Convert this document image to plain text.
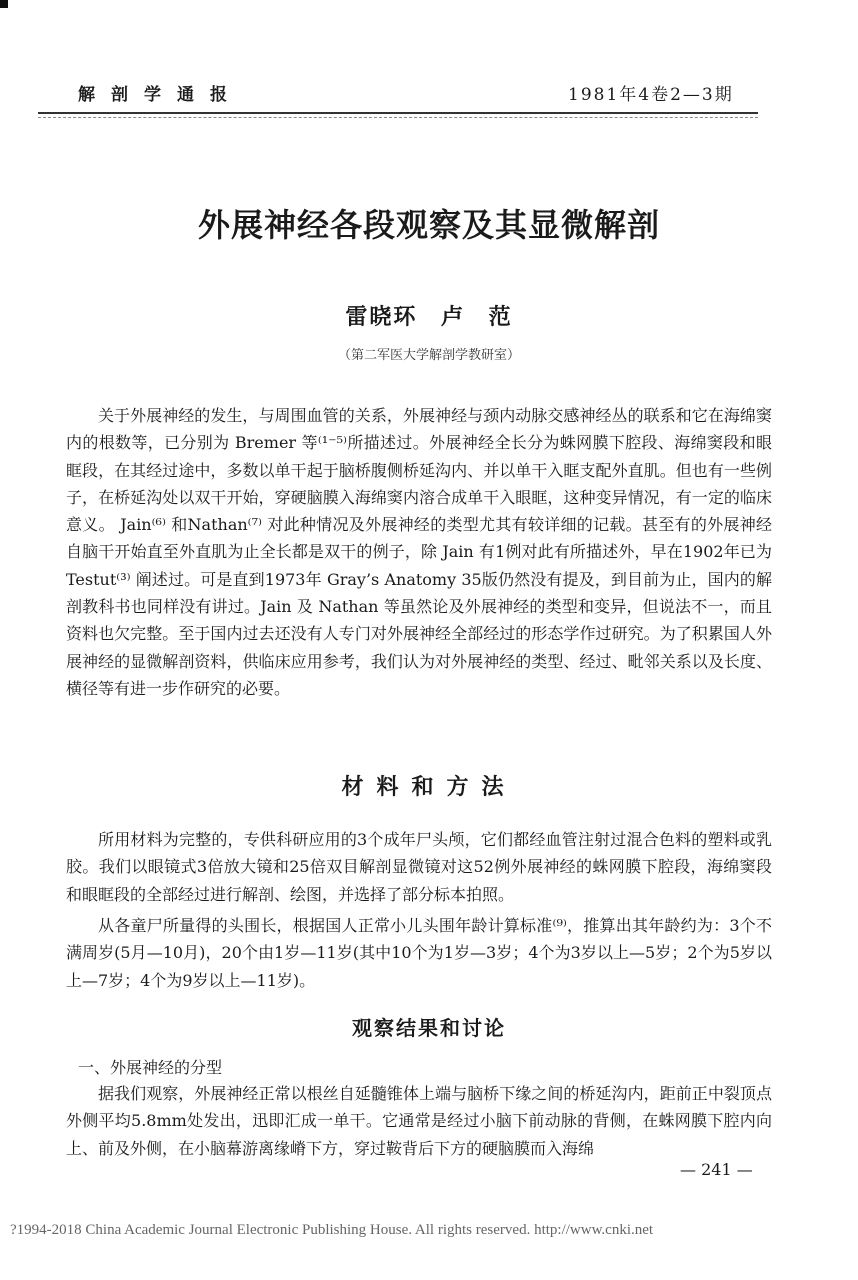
解剖学通报	1981年4卷2—3期

外展神经各段观察及其显微解剖

雷晓环 卢 范

（第二军医大学解剖学教研室）

关于外展神经的发生，与周围血管的关系，外展神经与颈内动脉交感神经丛的联系和它在海绵窦内的根数等，已分别为 Bremer 等⁽¹⁻⁵⁾所描述过。外展神经全长分为蛛网膜下腔段、海绵窦段和眼眶段，在其经过途中，多数以单干起于脑桥腹侧桥延沟内、并以单干入眶支配外直肌。但也有一些例子，在桥延沟处以双干开始，穿硬脑膜入海绵窦内溶合成单干入眼眶，这种变异情况，有一定的临床意义。 Jain⁽⁶⁾ 和Nathan⁽⁷⁾ 对此种情况及外展神经的类型尤其有较详细的记载。甚至有的外展神经自脑干开始直至外直肌为止全长都是双干的例子，除 Jain 有1例对此有所描述外，早在1902年已为 Testut⁽³⁾ 阐述过。可是直到1973年 Gray’s Anatomy 35版仍然没有提及，到目前为止，国内的解剖教科书也同样没有讲过。Jain 及 Nathan 等虽然论及外展神经的类型和变异，但说法不一，而且资料也欠完整。至于国内过去还没有人专门对外展神经全部经过的形态学作过研究。为了积累国人外展神经的显微解剖资料，供临床应用参考，我们认为对外展神经的类型、经过、毗邻关系以及长度、横径等有进一步作研究的必要。

材料和方法

所用材料为完整的，专供科研应用的3个成年尸头颅，它们都经血管注射过混合色料的塑料或乳胶。我们以眼镜式3倍放大镜和25倍双目解剖显微镜对这52例外展神经的蛛网膜下腔段，海绵窦段和眼眶段的全部经过进行解剖、绘图，并选择了部分标本拍照。

从各童尸所量得的头围长，根据国人正常小儿头围年龄计算标准⁽⁹⁾，推算出其年龄约为：3个不满周岁(5月—10月)，20个由1岁—11岁(其中10个为1岁—3岁；4个为3岁以上—5岁；2个为5岁以上—7岁；4个为9岁以上—11岁)。

观察结果和讨论

一、外展神经的分型

据我们观察，外展神经正常以根丝自延髓锥体上端与脑桥下缘之间的桥延沟内，距前正中裂顶点外侧平均5.8mm处发出，迅即汇成一单干。它通常是经过小脑下前动脉的背侧，在蛛网膜下腔内向上、前及外侧，在小脑幕游离缘嵴下方，穿过鞍背后下方的硬脑膜而入海绵

— 241 —

?1994-2018 China Academic Journal Electronic Publishing House. All rights reserved. http://www.cnki.net
